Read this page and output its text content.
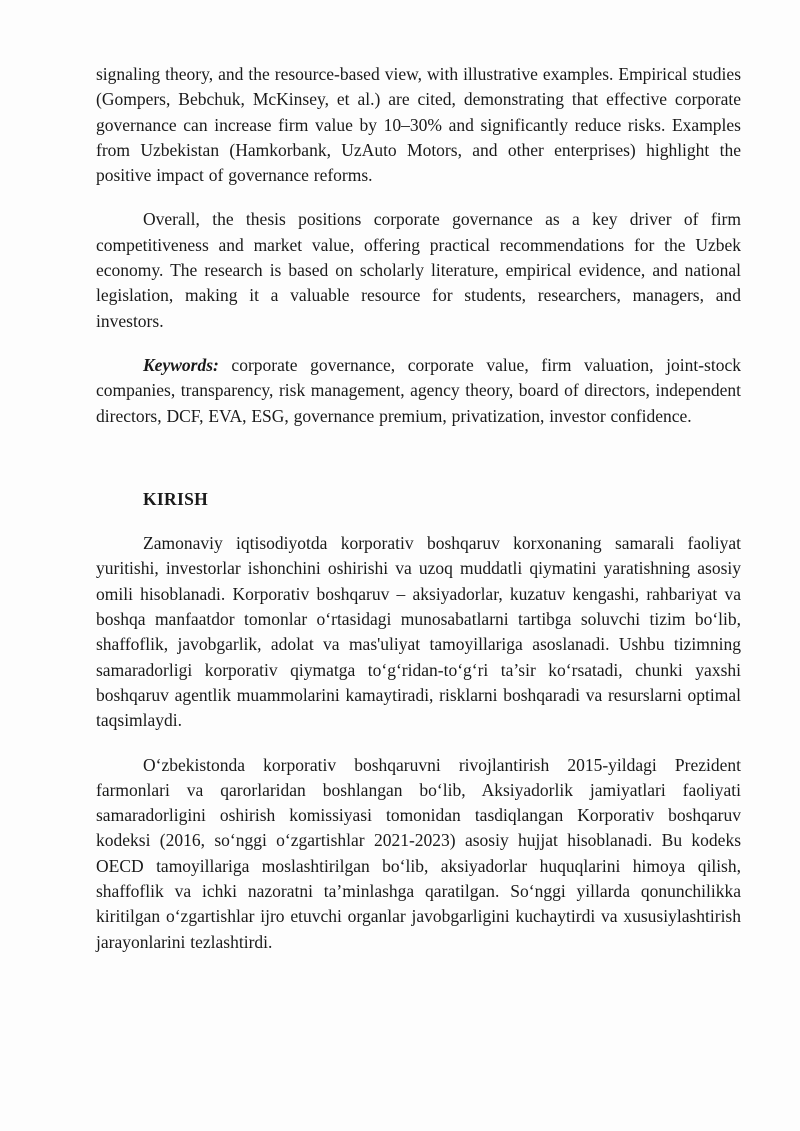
signaling theory, and the resource-based view, with illustrative examples. Empirical studies (Gompers, Bebchuk, McKinsey, et al.) are cited, demonstrating that effective corporate governance can increase firm value by 10–30% and significantly reduce risks. Examples from Uzbekistan (Hamkorbank, UzAuto Motors, and other enterprises) highlight the positive impact of governance reforms.

Overall, the thesis positions corporate governance as a key driver of firm competitiveness and market value, offering practical recommendations for the Uzbek economy. The research is based on scholarly literature, empirical evidence, and national legislation, making it a valuable resource for students, researchers, managers, and investors.

Keywords: corporate governance, corporate value, firm valuation, joint-stock companies, transparency, risk management, agency theory, board of directors, independent directors, DCF, EVA, ESG, governance premium, privatization, investor confidence.

KIRISH

Zamonaviy iqtisodiyotda korporativ boshqaruv korxonaning samarali faoliyat yuritishi, investorlar ishonchini oshirishi va uzoq muddatli qiymatini yaratishning asosiy omili hisoblanadi. Korporativ boshqaruv – aksiyadorlar, kuzatuv kengashi, rahbariyat va boshqa manfaatdor tomonlar oʻrtasidagi munosabatlarni tartibga soluvchi tizim boʻlib, shaffoflik, javobgarlik, adolat va mas'uliyat tamoyillariga asoslanadi. Ushbu tizimning samaradorligi korporativ qiymatga toʻgʻridan-toʻgʻri ta’sir koʻrsatadi, chunki yaxshi boshqaruv agentlik muammolarini kamaytiradi, risklarni boshqaradi va resurslarni optimal taqsimlaydi.

Oʻzbekistonda korporativ boshqaruvni rivojlantirish 2015-yildagi Prezident farmonlari va qarorlaridan boshlangan boʻlib, Aksiyadorlik jamiyatlari faoliyati samaradorligini oshirish komissiyasi tomonidan tasdiqlangan Korporativ boshqaruv kodeksi (2016, soʻnggi oʻzgartishlar 2021-2023) asosiy hujjat hisoblanadi. Bu kodeks OECD tamoyillariga moslashtirilgan boʻlib, aksiyadorlar huquqlarini himoya qilish, shaffoflik va ichki nazoratni ta’minlashga qaratilgan. Soʻnggi yillarda qonunchilikka kiritilgan oʻzgartishlar ijro etuvchi organlar javobgarligini kuchaytirdi va xususiylashtirish jarayonlarini tezlashtirdi.
